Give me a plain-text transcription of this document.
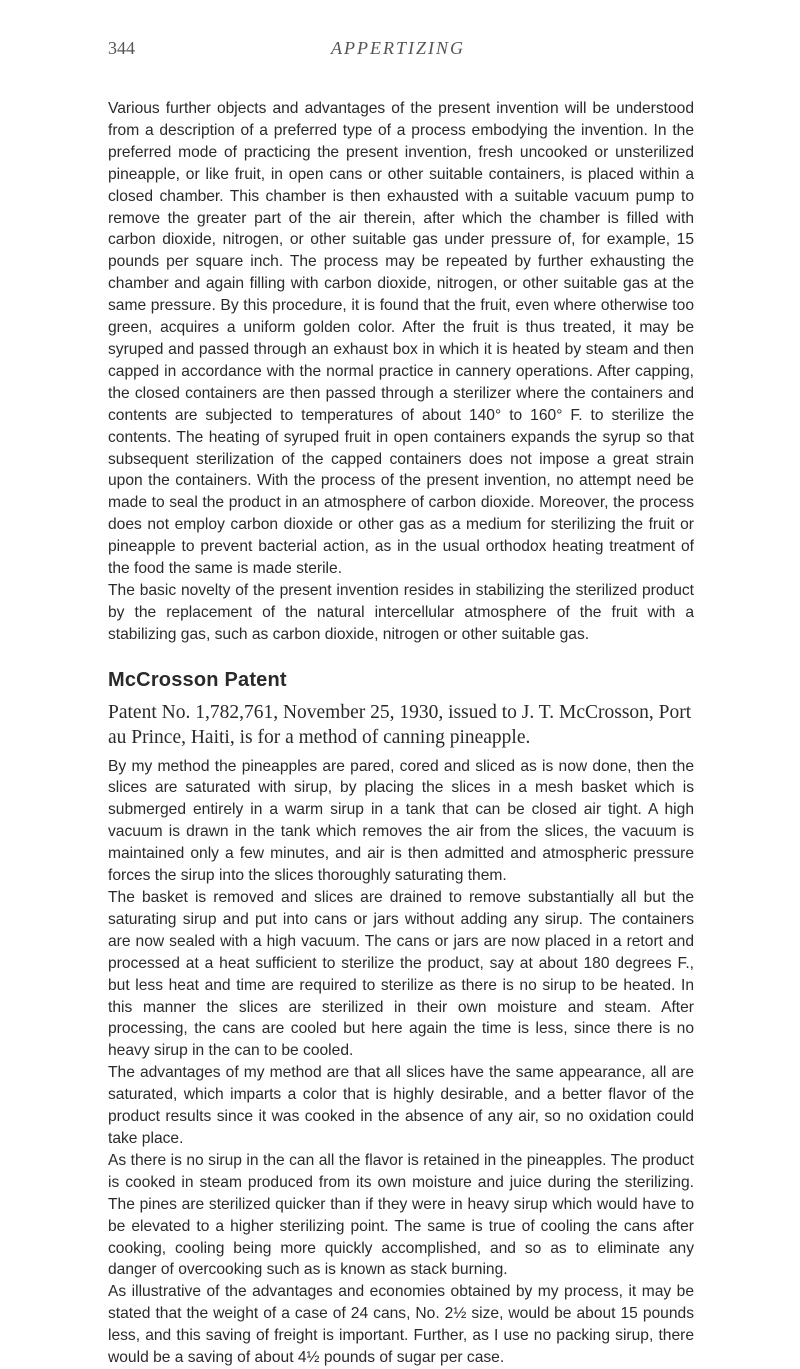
344	APPERTIZING

Various further objects and advantages of the present invention will be understood from a description of a preferred type of a process embodying the invention. In the preferred mode of practicing the present invention, fresh uncooked or unsterilized pineapple, or like fruit, in open cans or other suitable containers, is placed within a closed chamber. This chamber is then exhausted with a suitable vacuum pump to remove the greater part of the air therein, after which the chamber is filled with carbon dioxide, nitrogen, or other suitable gas under pressure of, for example, 15 pounds per square inch. The process may be repeated by further exhausting the chamber and again filling with carbon dioxide, nitrogen, or other suitable gas at the same pressure. By this procedure, it is found that the fruit, even where otherwise too green, acquires a uniform golden color. After the fruit is thus treated, it may be syruped and passed through an exhaust box in which it is heated by steam and then capped in accordance with the normal practice in cannery operations. After capping, the closed containers are then passed through a sterilizer where the containers and contents are subjected to temperatures of about 140° to 160° F. to sterilize the contents. The heating of syruped fruit in open containers expands the syrup so that subsequent sterilization of the capped containers does not impose a great strain upon the containers. With the process of the present invention, no attempt need be made to seal the product in an atmosphere of carbon dioxide. Moreover, the process does not employ carbon dioxide or other gas as a medium for sterilizing the fruit or pineapple to prevent bacterial action, as in the usual orthodox heating treatment of the food the same is made sterile.

The basic novelty of the present invention resides in stabilizing the sterilized product by the replacement of the natural intercellular atmosphere of the fruit with a stabilizing gas, such as carbon dioxide, nitrogen or other suitable gas.

McCrosson Patent

Patent No. 1,782,761, November 25, 1930, issued to J. T. McCrosson, Port au Prince, Haiti, is for a method of canning pineapple.

By my method the pineapples are pared, cored and sliced as is now done, then the slices are saturated with sirup, by placing the slices in a mesh basket which is submerged entirely in a warm sirup in a tank that can be closed air tight. A high vacuum is drawn in the tank which removes the air from the slices, the vacuum is maintained only a few minutes, and air is then admitted and atmospheric pressure forces the sirup into the slices thoroughly saturating them.

The basket is removed and slices are drained to remove substantially all but the saturating sirup and put into cans or jars without adding any sirup. The containers are now sealed with a high vacuum. The cans or jars are now placed in a retort and processed at a heat sufficient to sterilize the product, say at about 180 degrees F., but less heat and time are required to sterilize as there is no sirup to be heated. In this manner the slices are sterilized in their own moisture and steam. After processing, the cans are cooled but here again the time is less, since there is no heavy sirup in the can to be cooled.

The advantages of my method are that all slices have the same appearance, all are saturated, which imparts a color that is highly desirable, and a better flavor of the product results since it was cooked in the absence of any air, so no oxidation could take place.

As there is no sirup in the can all the flavor is retained in the pineapples. The product is cooked in steam produced from its own moisture and juice during the sterilizing. The pines are sterilized quicker than if they were in heavy sirup which would have to be elevated to a higher sterilizing point. The same is true of cooling the cans after cooking, cooling being more quickly accomplished, and so as to eliminate any danger of overcooking such as is known as stack burning.

As illustrative of the advantages and economies obtained by my process, it may be stated that the weight of a case of 24 cans, No. 2½ size, would be about 15 pounds less, and this saving of freight is important. Further, as I use no packing sirup, there would be a saving of about 4½ pounds of sugar per case.
